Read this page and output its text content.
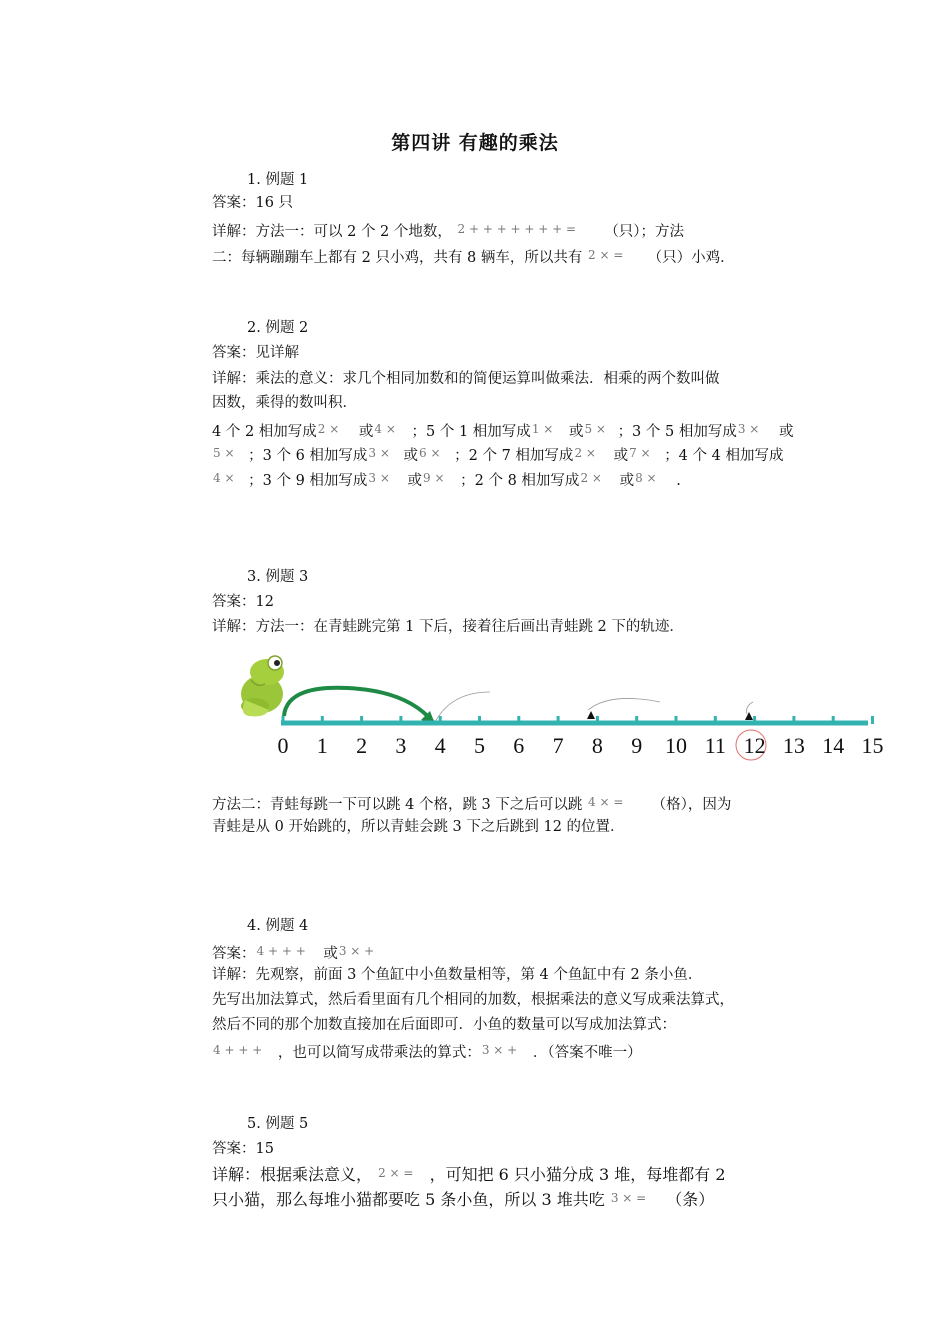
第四讲 有趣的乘法
1. 例题 1
答案：16 只
详解：方法一：可以 2 个 2 个地数， $^{2 + + + + + + + =}$ （只）；方法
二：每辆蹦蹦车上都有 2 只小鸡，共有 8 辆车，所以共有 $^{2 \times =}$ （只）小鸡．
2. 例题 2
答案：见详解
详解：乘法的意义：求几个相同加数和的简便运算叫做乘法．相乘的两个数叫做
因数，乘得的数叫积．
4 个 2 相加写成$^{2 \times}$ 或$^{4 \times}$ ；5 个 1 相加写成$^{1 \times}$ 或$^{5 \times}$ ；3 个 5 相加写成$^{3 \times}$ 或
$^{5 \times}$ ；3 个 6 相加写成$^{3 \times}$ 或$^{6 \times}$ ；2 个 7 相加写成$^{2 \times}$ 或$^{7 \times}$ ；4 个 4 相加写成
$^{4 \times}$ ；3 个 9 相加写成$^{3 \times}$ 或$^{9 \times}$ ；2 个 8 相加写成$^{2 \times}$ 或$^{8 \times}$ .
3. 例题 3
答案：12
详解：方法一：在青蛙跳完第 1 下后，接着往后画出青蛙跳 2 下的轨迹．
0 1 2 3 4 5 6 7 8 9 10 11 12 13 14 15
方法二：青蛙每跳一下可以跳 4 个格，跳 3 下之后可以跳 $^{4 \times =}$ （格），因为
青蛙是从 0 开始跳的，所以青蛙会跳 3 下之后跳到 12 的位置．
4. 例题 4
答案：$^{4 + + +}$ 或$^{3 \times +}$
详解：先观察，前面 3 个鱼缸中小鱼数量相等，第 4 个鱼缸中有 2 条小鱼．
先写出加法算式，然后看里面有几个相同的加数，根据乘法的意义写成乘法算式，
然后不同的那个加数直接加在后面即可．小鱼的数量可以写成加法算式：
$^{4 + + +}$ ，也可以简写成带乘法的算式：$^{3 \times +}$ ．（答案不唯一）
5. 例题 5
答案：15
详解：根据乘法意义， 2 × = ，可知把 6 只小猫分成 3 堆，每堆都有 2
只小猫，那么每堆小猫都要吃 5 条小鱼，所以 3 堆共吃 3 × = （条）
